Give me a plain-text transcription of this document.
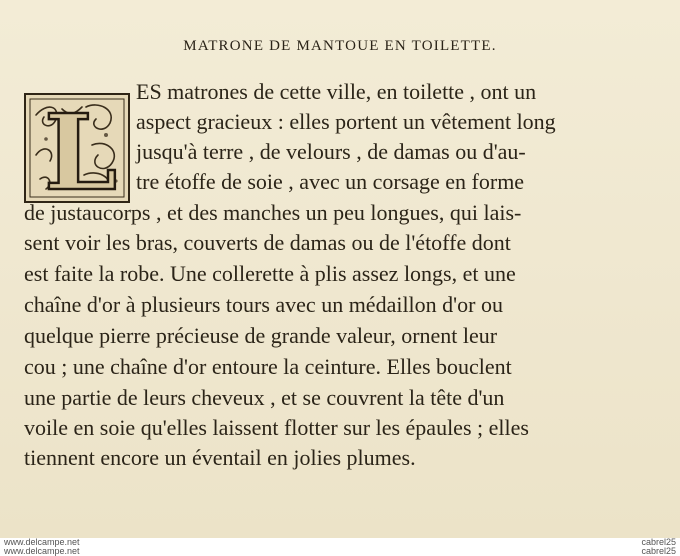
MATRONE DE MANTOUE EN TOILETTE.
L ES matrones de cette ville, en toilette , ont un
aspect gracieux : elles portent un vêtement long
jusqu'à terre , de velours , de damas ou d'au-
tre étoffe de soie , avec un corsage en forme
de justaucorps , et des manches un peu longues, qui lais-
sent voir les bras, couverts de damas ou de l'étoffe dont
est faite la robe. Une collerette à plis assez longs, et une
chaîne d'or à plusieurs tours avec un médaillon d'or ou
quelque pierre précieuse de grande valeur, ornent leur
cou ; une chaîne d'or entoure la ceinture. Elles bouclent
une partie de leurs cheveux , et se couvrent la tête d'un
voile en soie qu'elles laissent flotter sur les épaules ; elles
tiennent encore un éventail en jolies plumes.
www.delcampe.net
www.delcampe.net
cabrel25
cabrel25
